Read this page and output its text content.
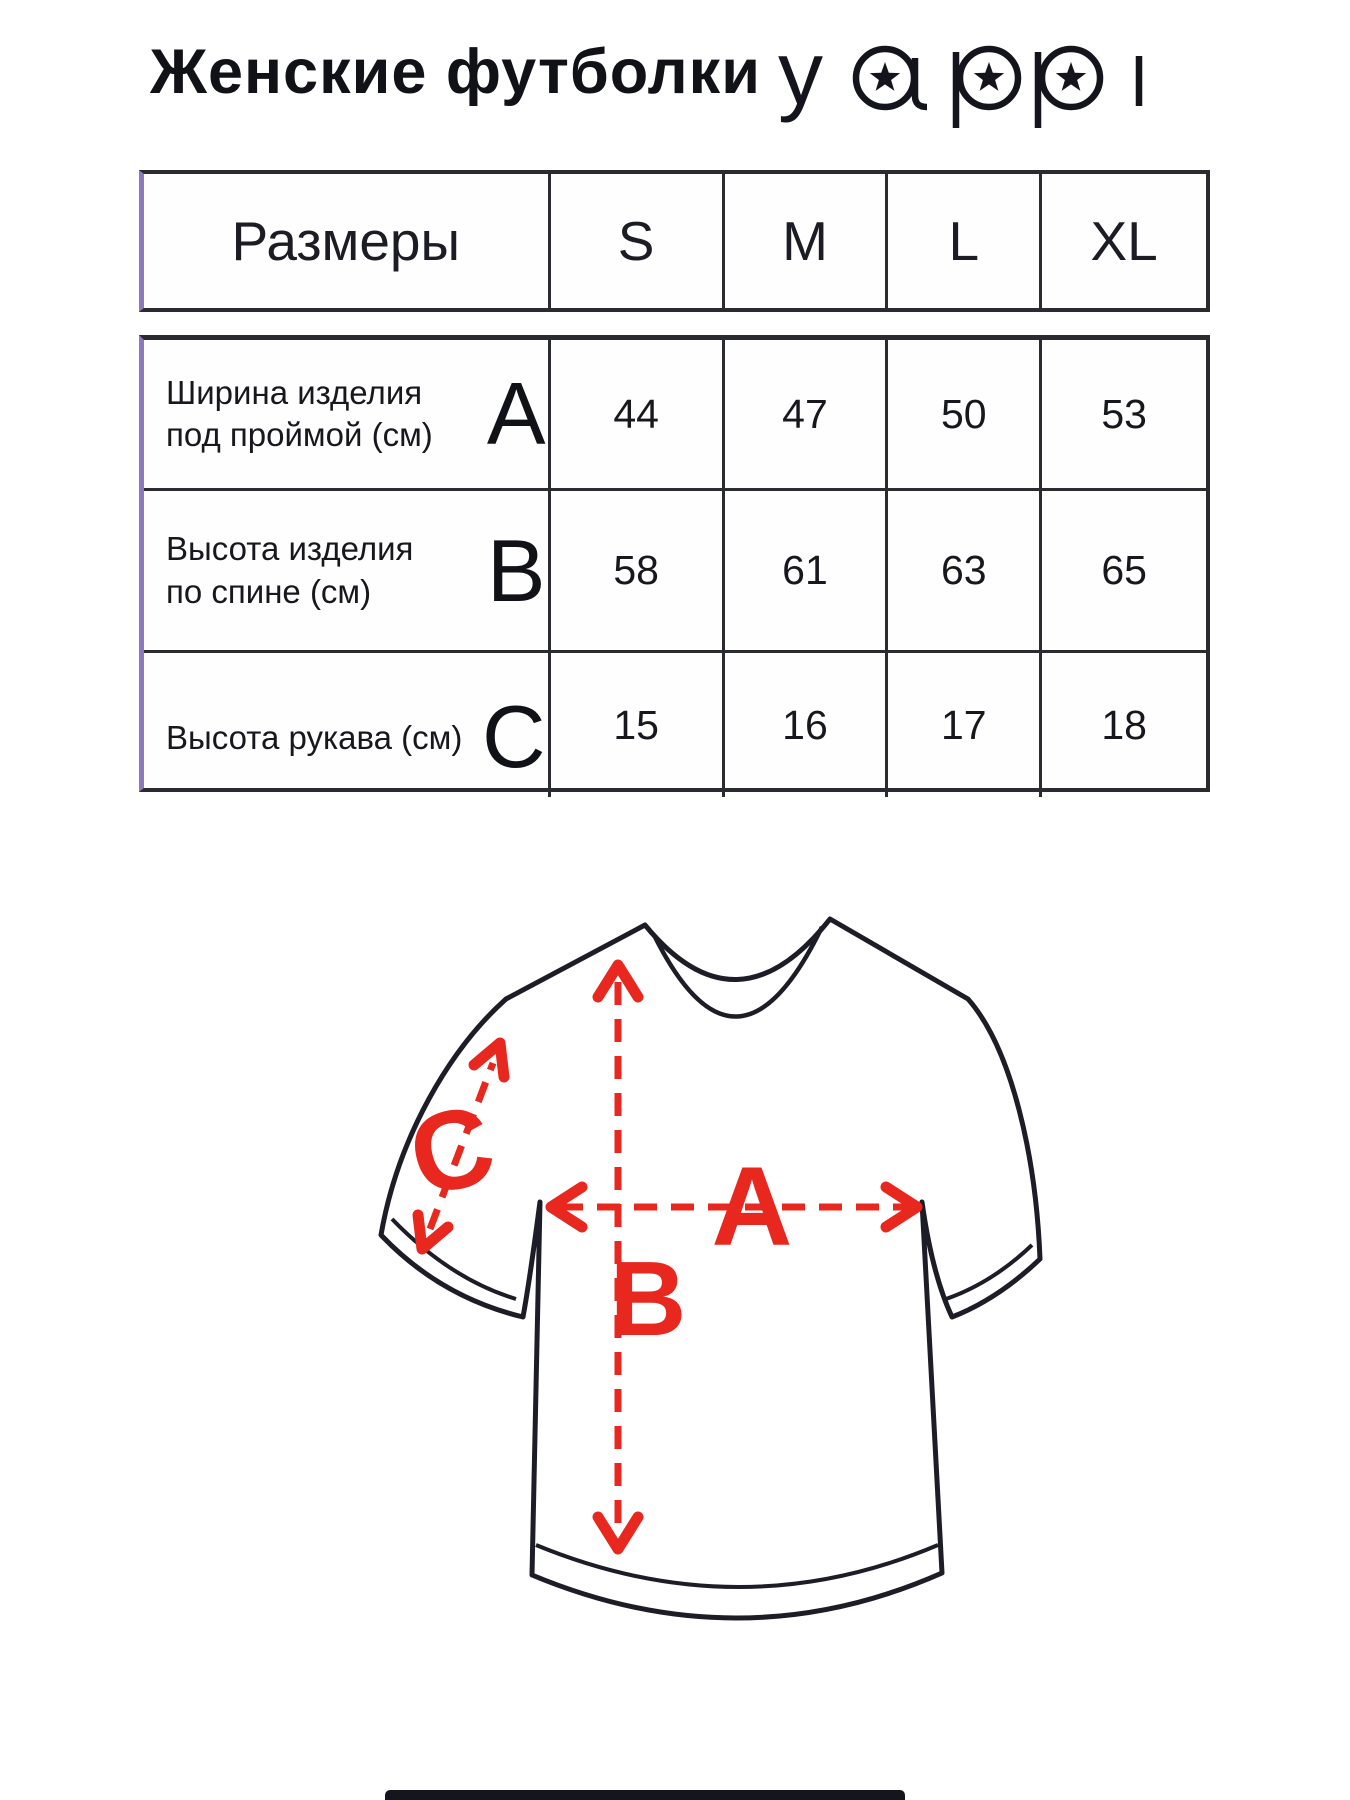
Женские футболки y
Размеры	S	M	L	XL
Ширина изделия
под проймой (см) A 44	47	50	53
Высота изделия
по спине (см)	B 58	61	63	65
Высота рукава (см) C 15	16	17	18
A
B
C
